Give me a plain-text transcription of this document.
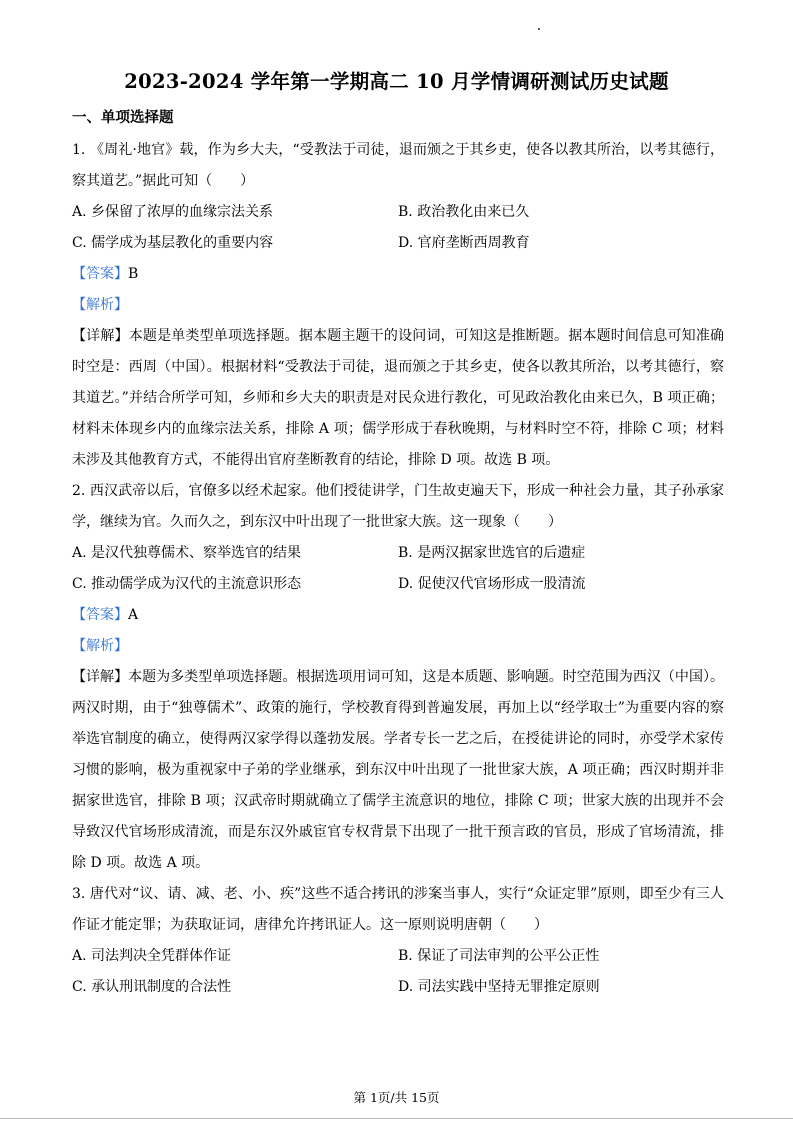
2023-2024 学年第一学期高二 10 月学情调研测试历史试题
一、单项选择题

1. 《周礼·地官》载，作为乡大夫，“受教法于司徒，退而颁之于其乡吏，使各以教其所治，以考其德行，察其道艺。”据此可知（　　）

A. 乡保留了浓厚的血缘宗法关系	B. 政治教化由来已久
C. 儒学成为基层教化的重要内容	D. 官府垄断西周教育

【答案】B

【解析】

【详解】本题是单类型单项选择题。据本题主题干的设问词，可知这是推断题。据本题时间信息可知准确时空是：西周（中国）。根据材料“受教法于司徒，退而颁之于其乡吏，使各以教其所治，以考其德行，察其道艺。”并结合所学可知，乡师和乡大夫的职责是对民众进行教化，可见政治教化由来已久，B 项正确；材料未体现乡内的血缘宗法关系，排除 A 项；儒学形成于春秋晚期，与材料时空不符，排除 C 项；材料未涉及其他教育方式，不能得出官府垄断教育的结论，排除 D 项。故选 B 项。

2. 西汉武帝以后，官僚多以经术起家。他们授徒讲学，门生故吏遍天下，形成一种社会力量，其子孙承家学，继续为官。久而久之，到东汉中叶出现了一批世家大族。这一现象（　　）

A. 是汉代独尊儒术、察举选官的结果	B. 是两汉据家世选官的后遗症
C. 推动儒学成为汉代的主流意识形态	D. 促使汉代官场形成一股清流

【答案】A

【解析】

【详解】本题为多类型单项选择题。根据选项用词可知，这是本质题、影响题。时空范围为西汉（中国）。两汉时期，由于“独尊儒术”、政策的施行，学校教育得到普遍发展，再加上以“经学取士”为重要内容的察举选官制度的确立，使得两汉家学得以蓬勃发展。学者专长一艺之后，在授徒讲论的同时，亦受学术家传习惯的影响，极为重视家中子弟的学业继承，到东汉中叶出现了一批世家大族，A 项正确；西汉时期并非据家世选官，排除 B 项；汉武帝时期就确立了儒学主流意识的地位，排除 C 项；世家大族的出现并不会导致汉代官场形成清流，而是东汉外戚宦官专权背景下出现了一批干预言政的官员，形成了官场清流，排除 D 项。故选 A 项。

3. 唐代对“议、请、减、老、小、疾”这些不适合拷讯的涉案当事人，实行“众证定罪”原则，即至少有三人作证才能定罪；为获取证词，唐律允许拷讯证人。这一原则说明唐朝（　　）

A. 司法判决全凭群体作证	B. 保证了司法审判的公平公正性
C. 承认刑讯制度的合法性	D. 司法实践中坚持无罪推定原则
第 1页/共 15页
